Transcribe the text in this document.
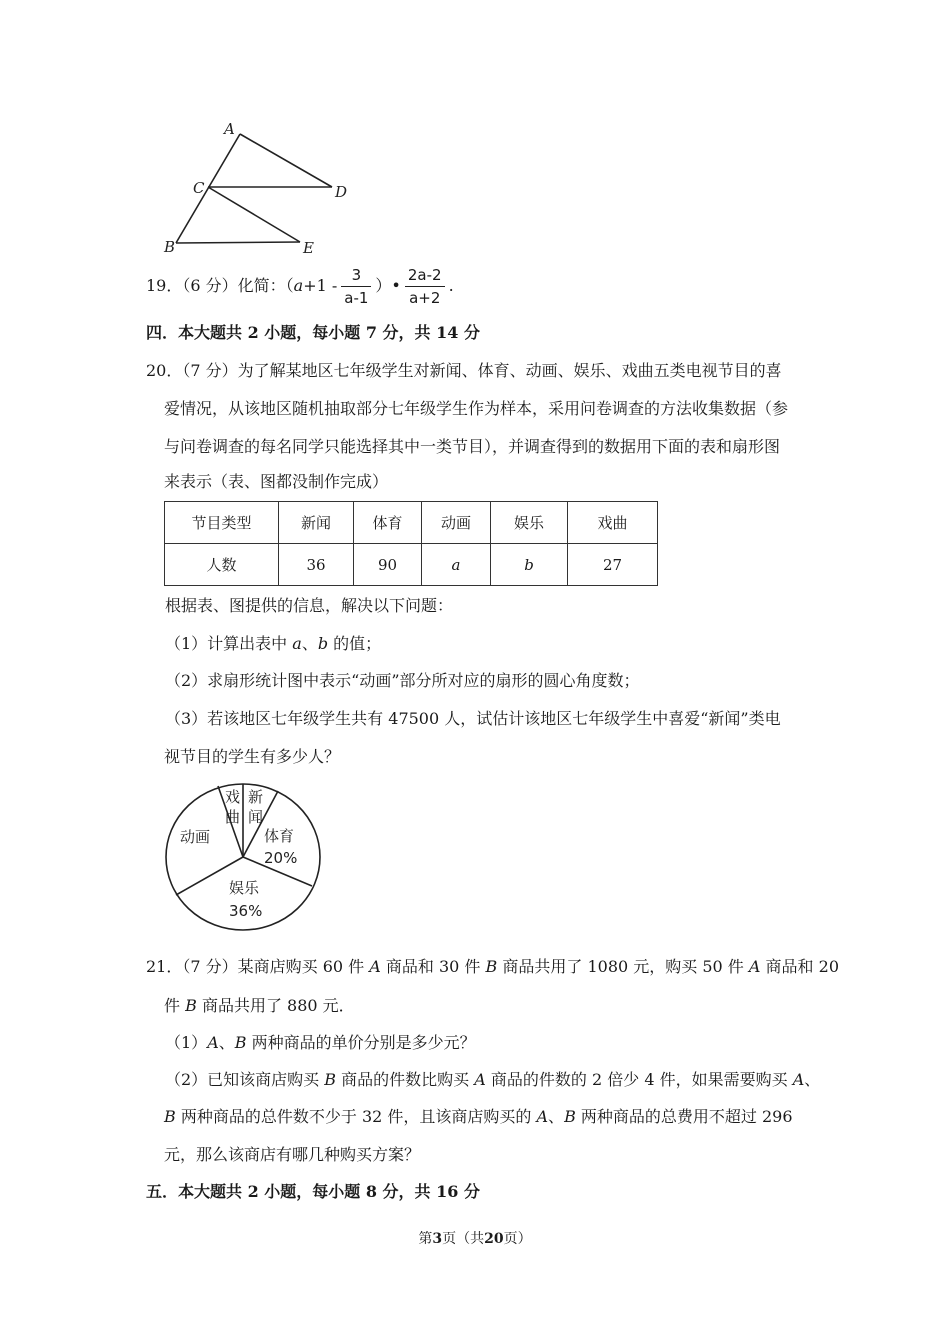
A
C	D
B	E
19．（6 分）化简：（$a+1 - \frac{3}{a-1}$ ）• $\frac{2a-2}{a+2}$ .
四．本大题共 2 小题，每小题 7 分，共 14 分
20．（7 分）为了解某地区七年级学生对新闻、体育、动画、娱乐、戏曲五类电视节目的喜
爱情况，从该地区随机抽取部分七年级学生作为样本，采用问卷调查的方法收集数据（参
与问卷调查的每名同学只能选择其中一类节目），并调查得到的数据用下面的表和扇形图
来表示（表、图都没制作完成）
节目类型	新闻	体育	动画	娱乐	戏曲
人数	36	90	a	b	27
根据表、图提供的信息，解决以下问题：
（1）计算出表中 a、b 的值；
（2）求扇形统计图中表示“动画”部分所对应的扇形的圆心角度数；
（3）若该地区七年级学生共有 47500 人，试估计该地区七年级学生中喜爱“新闻”类电
视节目的学生有多少人？
戏
曲
新
闻
体育
20%
动画
娱乐
36%
21．（7 分）某商店购买 60 件 A 商品和 30 件 B 商品共用了 1080 元，购买 50 件 A 商品和 20
件 B 商品共用了 880 元．
（1）A、B 两种商品的单价分别是多少元？
（2）已知该商店购买 B 商品的件数比购买 A 商品的件数的 2 倍少 4 件，如果需要购买 A、
B 两种商品的总件数不少于 32 件，且该商店购买的 A、B 两种商品的总费用不超过 296
元，那么该商店有哪几种购买方案？
五．本大题共 2 小题，每小题 8 分，共 16 分
第3页（共20页）
